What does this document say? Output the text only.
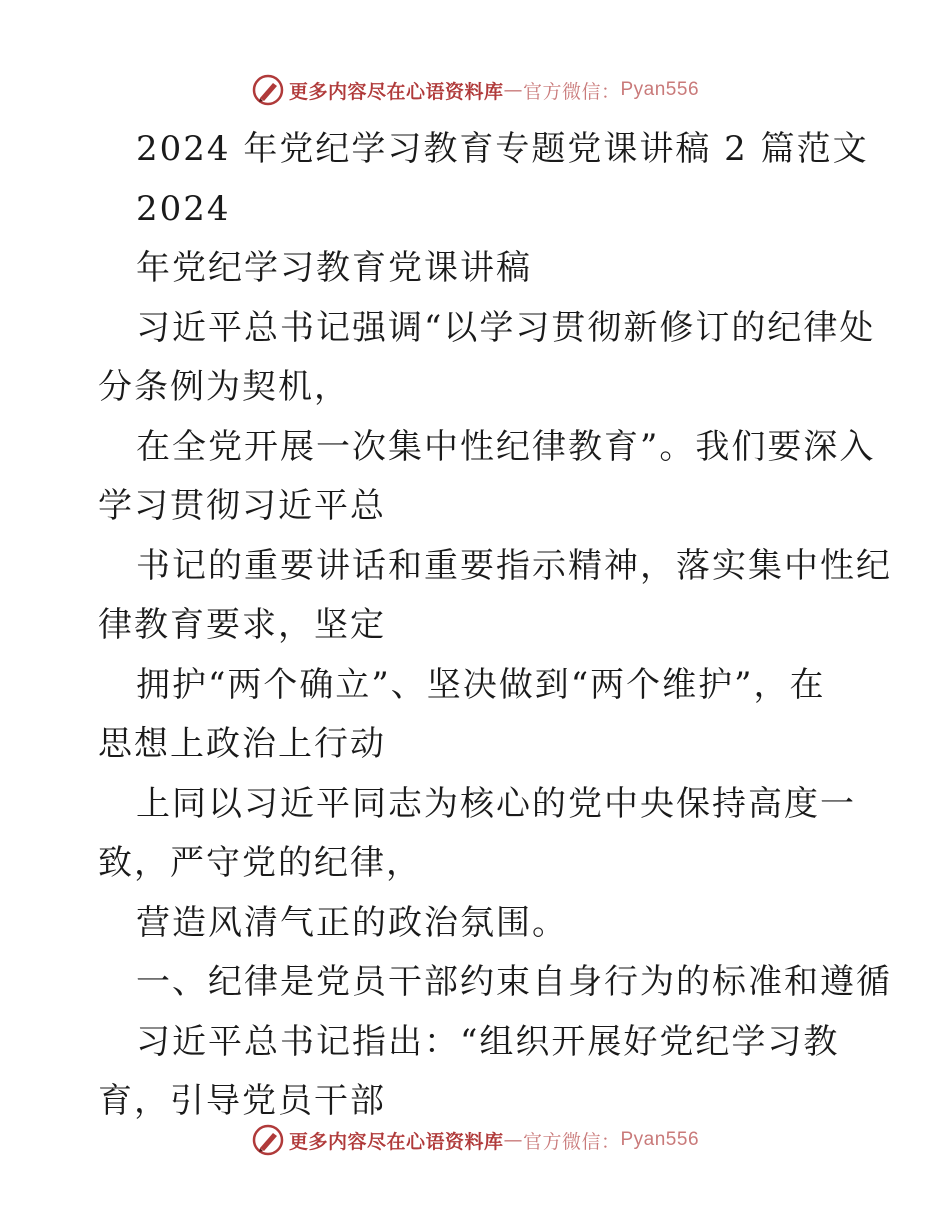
更多内容尽在心语资料库 — 官方微信： Pyan556
2024 年党纪学习教育专题党课讲稿 2 篇范文
2024
年党纪学习教育党课讲稿
习近平总书记强调“以学习贯彻新修订的纪律处
分条例为契机，
在全党开展一次集中性纪律教育”。我们要深入
学习贯彻习近平总
书记的重要讲话和重要指示精神，落实集中性纪
律教育要求，坚定
拥护“两个确立”、坚决做到“两个维护”，在
思想上政治上行动
上同以习近平同志为核心的党中央保持高度一
致，严守党的纪律，
营造风清气正的政治氛围。
一、纪律是党员干部约束自身行为的标准和遵循
习近平总书记指出：“组织开展好党纪学习教
育，引导党员干部
更多内容尽在心语资料库 — 官方微信： Pyan556
